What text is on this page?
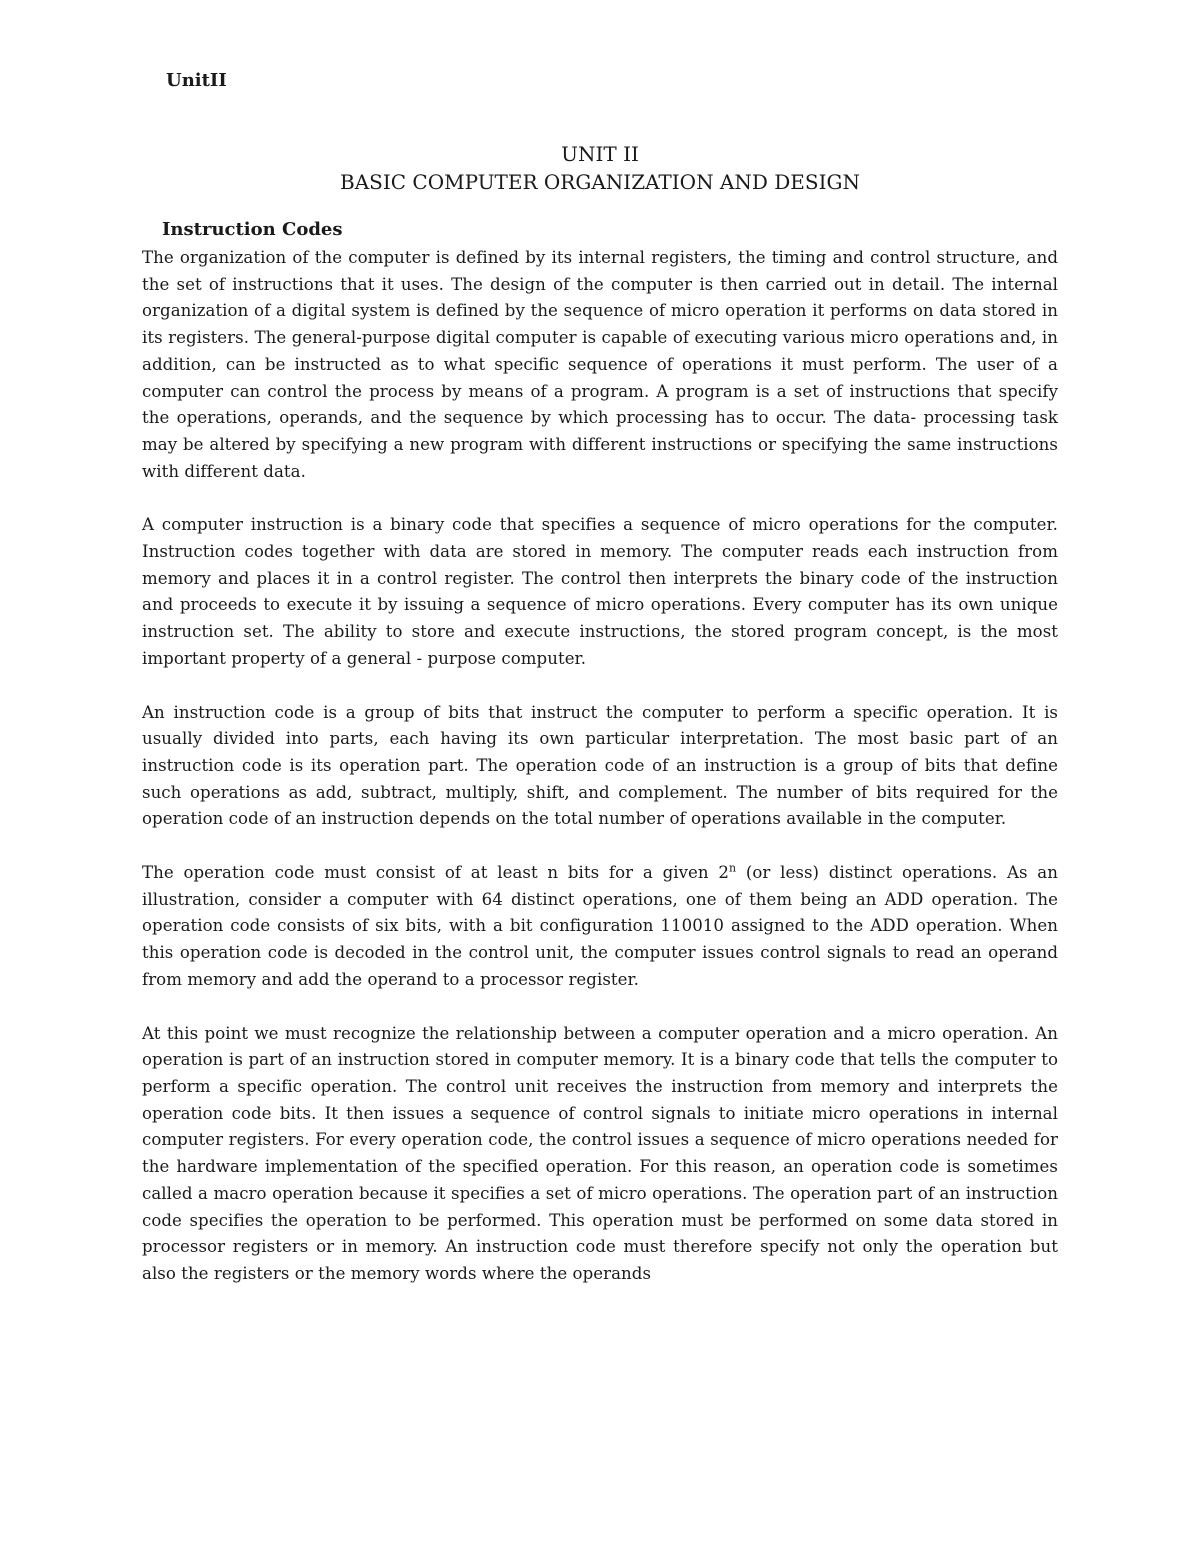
UnitII
UNIT II
BASIC COMPUTER ORGANIZATION AND DESIGN
Instruction Codes

The organization of the computer is defined by its internal registers, the timing and control structure, and the set of instructions that it uses. The design of the computer is then carried out in detail. The internal organization of a digital system is defined by the sequence of micro operation it performs on data stored in its registers. The general-purpose digital computer is capable of executing various micro operations and, in addition, can be instructed as to what specific sequence of operations it must perform. The user of a computer can control the process by means of a program. A program is a set of instructions that specify the operations, operands, and the sequence by which processing has to occur. The data- processing task may be altered by specifying a new program with different instructions or specifying the same instructions with different data.

A computer instruction is a binary code that specifies a sequence of micro operations for the computer. Instruction codes together with data are stored in memory. The computer reads each instruction from memory and places it in a control register. The control then interprets the binary code of the instruction and proceeds to execute it by issuing a sequence of micro operations. Every computer has its own unique instruction set. The ability to store and execute instructions, the stored program concept, is the most important property of a general - purpose computer.

An instruction code is a group of bits that instruct the computer to perform a specific operation. It is usually divided into parts, each having its own particular interpretation. The most basic part of an instruction code is its operation part. The operation code of an instruction is a group of bits that define such operations as add, subtract, multiply, shift, and complement. The number of bits required for the operation code of an instruction depends on the total number of operations available in the computer.

The operation code must consist of at least n bits for a given 2$^n$ (or less) distinct operations. As an illustration, consider a computer with 64 distinct operations, one of them being an ADD operation. The operation code consists of six bits, with a bit configuration 110010 assigned to the ADD operation. When this operation code is decoded in the control unit, the computer issues control signals to read an operand from memory and add the operand to a processor register.

At this point we must recognize the relationship between a computer operation and a micro operation. An operation is part of an instruction stored in computer memory. It is a binary code that tells the computer to perform a specific operation. The control unit receives the instruction from memory and interprets the operation code bits. It then issues a sequence of control signals to initiate micro operations in internal computer registers. For every operation code, the control issues a sequence of micro operations needed for the hardware implementation of the specified operation. For this reason, an operation code is sometimes called a macro operation because it specifies a set of micro operations. The operation part of an instruction code specifies the operation to be performed. This operation must be performed on some data stored in processor registers or in memory. An instruction code must therefore specify not only the operation but also the registers or the memory words where the operands
